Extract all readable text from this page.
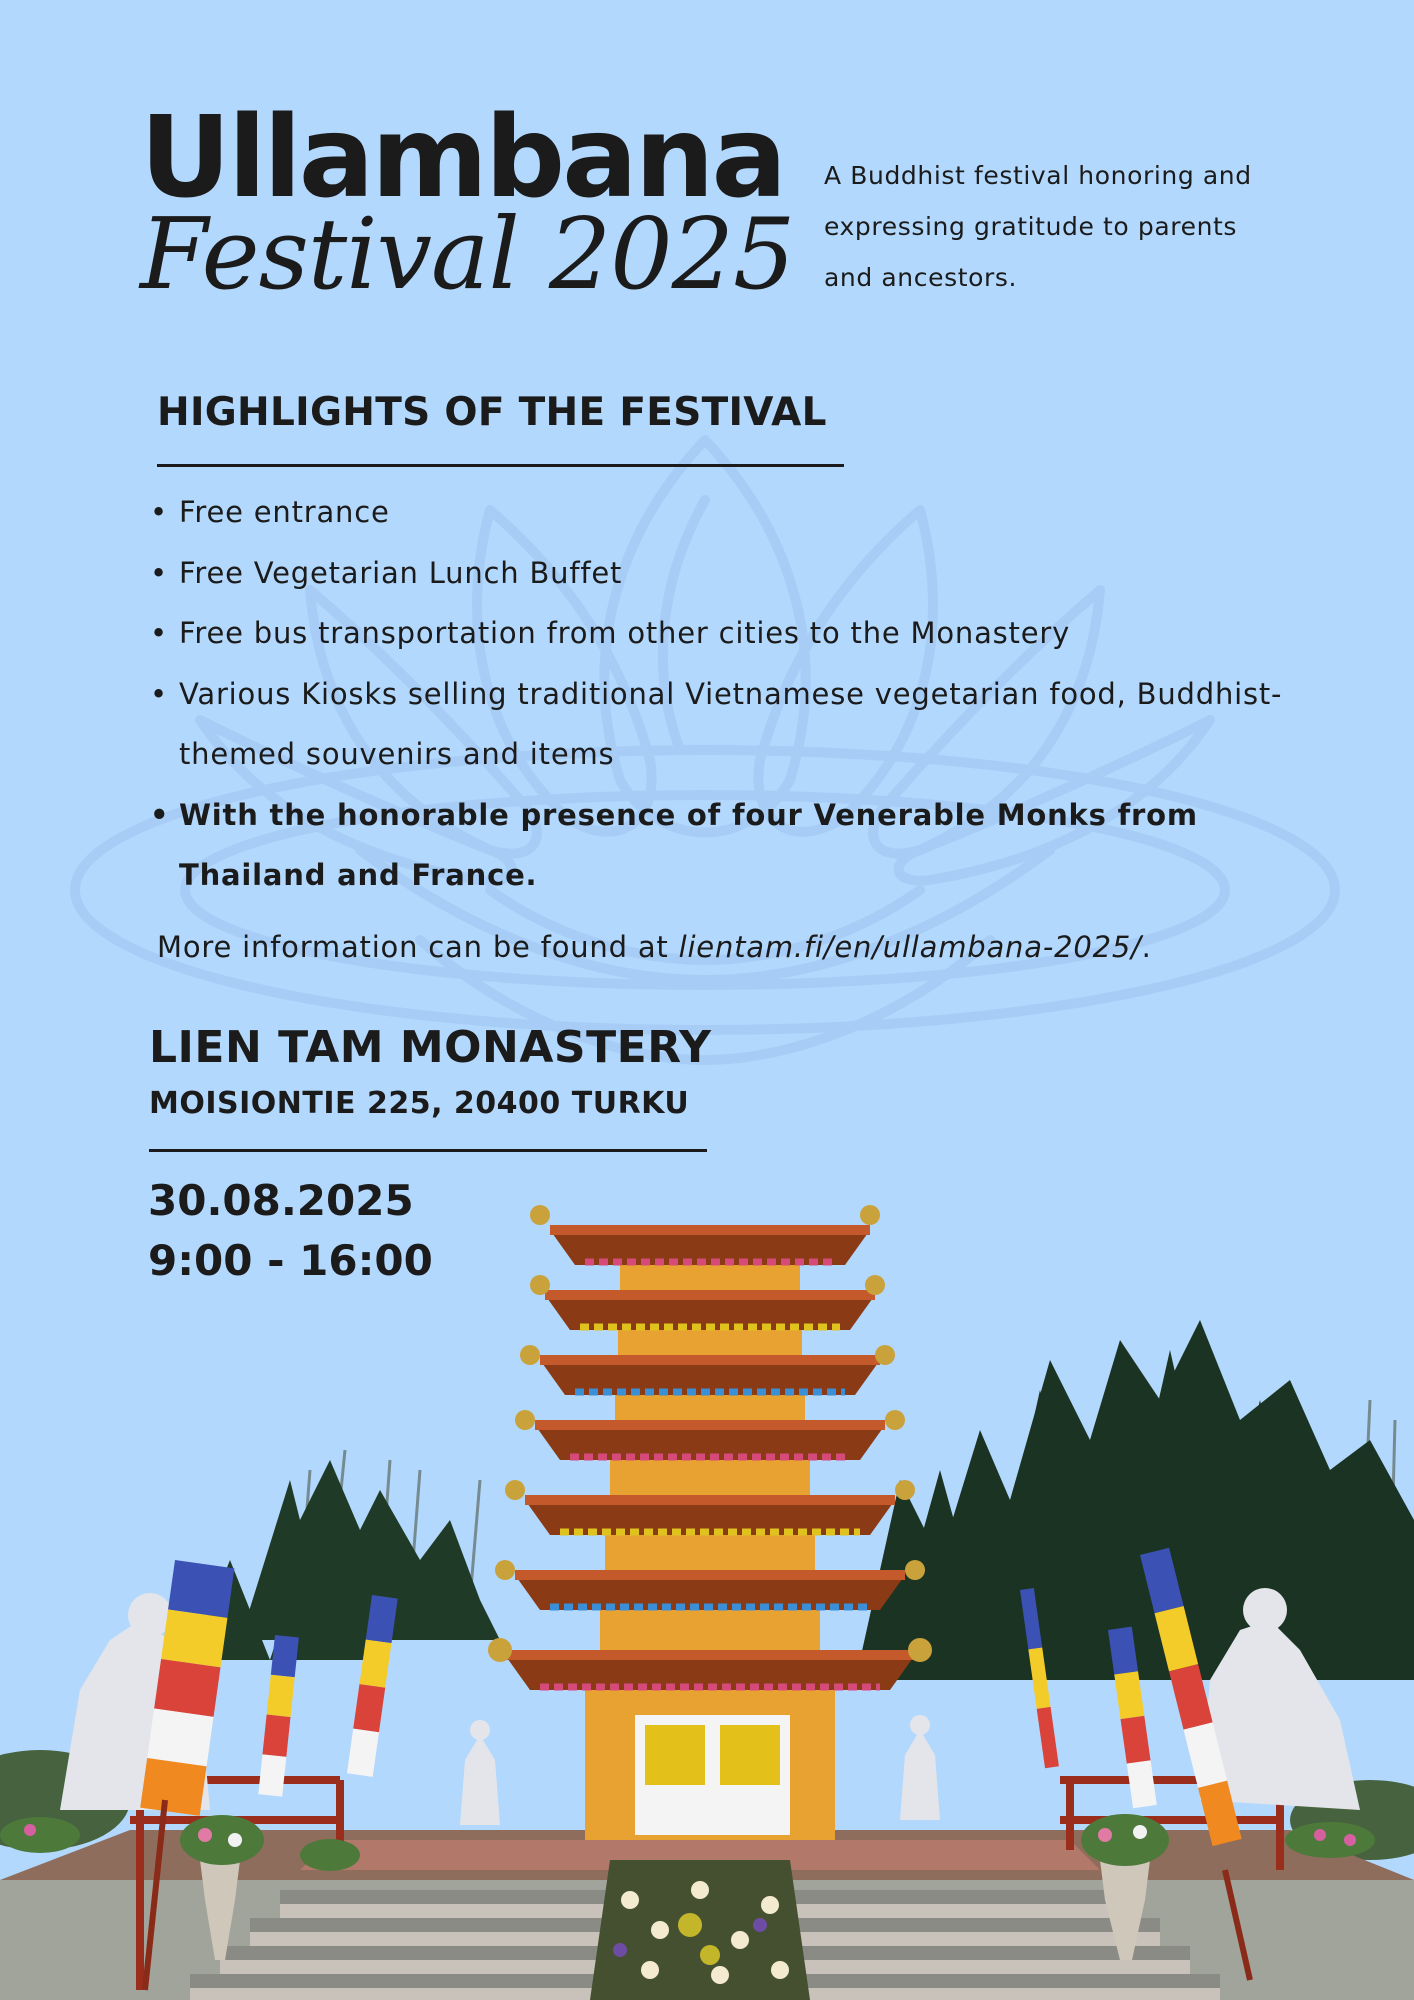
Ullambana
Festival 2025

A Buddhist festival honoring and expressing gratitude to parents and ancestors.

HIGHLIGHTS OF THE FESTIVAL
• Free entrance
• Free Vegetarian Lunch Buffet
• Free bus transportation from other cities to the Monastery
• Various Kiosks selling traditional Vietnamese vegetarian food, Buddhist-themed souvenirs and items
• With the honorable presence of four Venerable Monks from Thailand and France.

More information can be found at lientam.fi/en/ullambana-2025/.

LIEN TAM MONASTERY

MOISIONTIE 225, 20400 TURKU

30.08.2025

9:00 - 16:00
